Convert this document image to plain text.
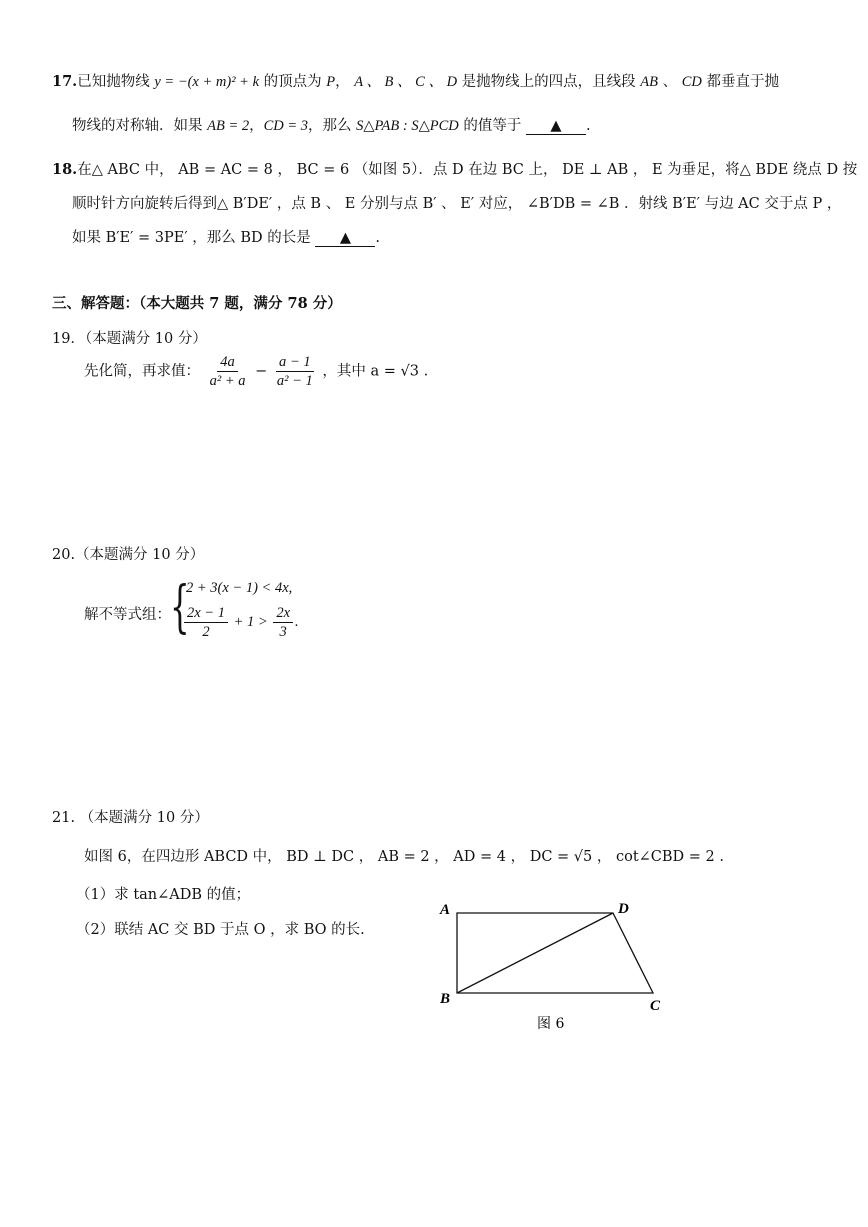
17.已知抛物线 y = −(x + m)² + k 的顶点为 P， A 、 B 、 C 、 D 是抛物线上的四点，且线段 AB 、 CD 都垂直于抛
物线的对称轴．如果 AB = 2，CD = 3，那么 S△PAB : S△PCD 的值等于 ▲ .
18.在△ ABC 中， AB = AC = 8 ， BC = 6 （如图 5）．点 D 在边 BC 上， DE ⊥ AB ， E 为垂足，将△ BDE 绕点 D 按
顺时针方向旋转后得到△ B′DE′ ，点 B 、 E 分别与点 B′ 、 E′ 对应， ∠B′DB = ∠B ．射线 B′E′ 与边 AC 交于点 P ，
如果 B′E′ = 3PE′ ，那么 BD 的长是 ▲ .
三、解答题：（本大题共 7 题，满分 78 分）
19．（本题满分 10 分）
先化简，再求值： $\frac{4a}{\text{a² + a}} - \frac{a - 1}{\text{a² − 1}}$ ，其中 a = √3 .
20.（本题满分 10 分）
解不等式组： {
2 + 3(x − 1) < 4x,
$\frac{2x - 1}{2} + 1 > \frac{2x}{3}$ .
21. （本题满分 10 分）
如图 6，在四边形 ABCD 中， BD ⊥ DC ， AB = 2 ， AD = 4 ， DC = √5 ， cot∠CBD = 2 .
（1）求 tan∠ADB 的值；
（2）联结 AC 交 BD 于点 O ，求 BO 的长.
A	D
B	C
图 6
